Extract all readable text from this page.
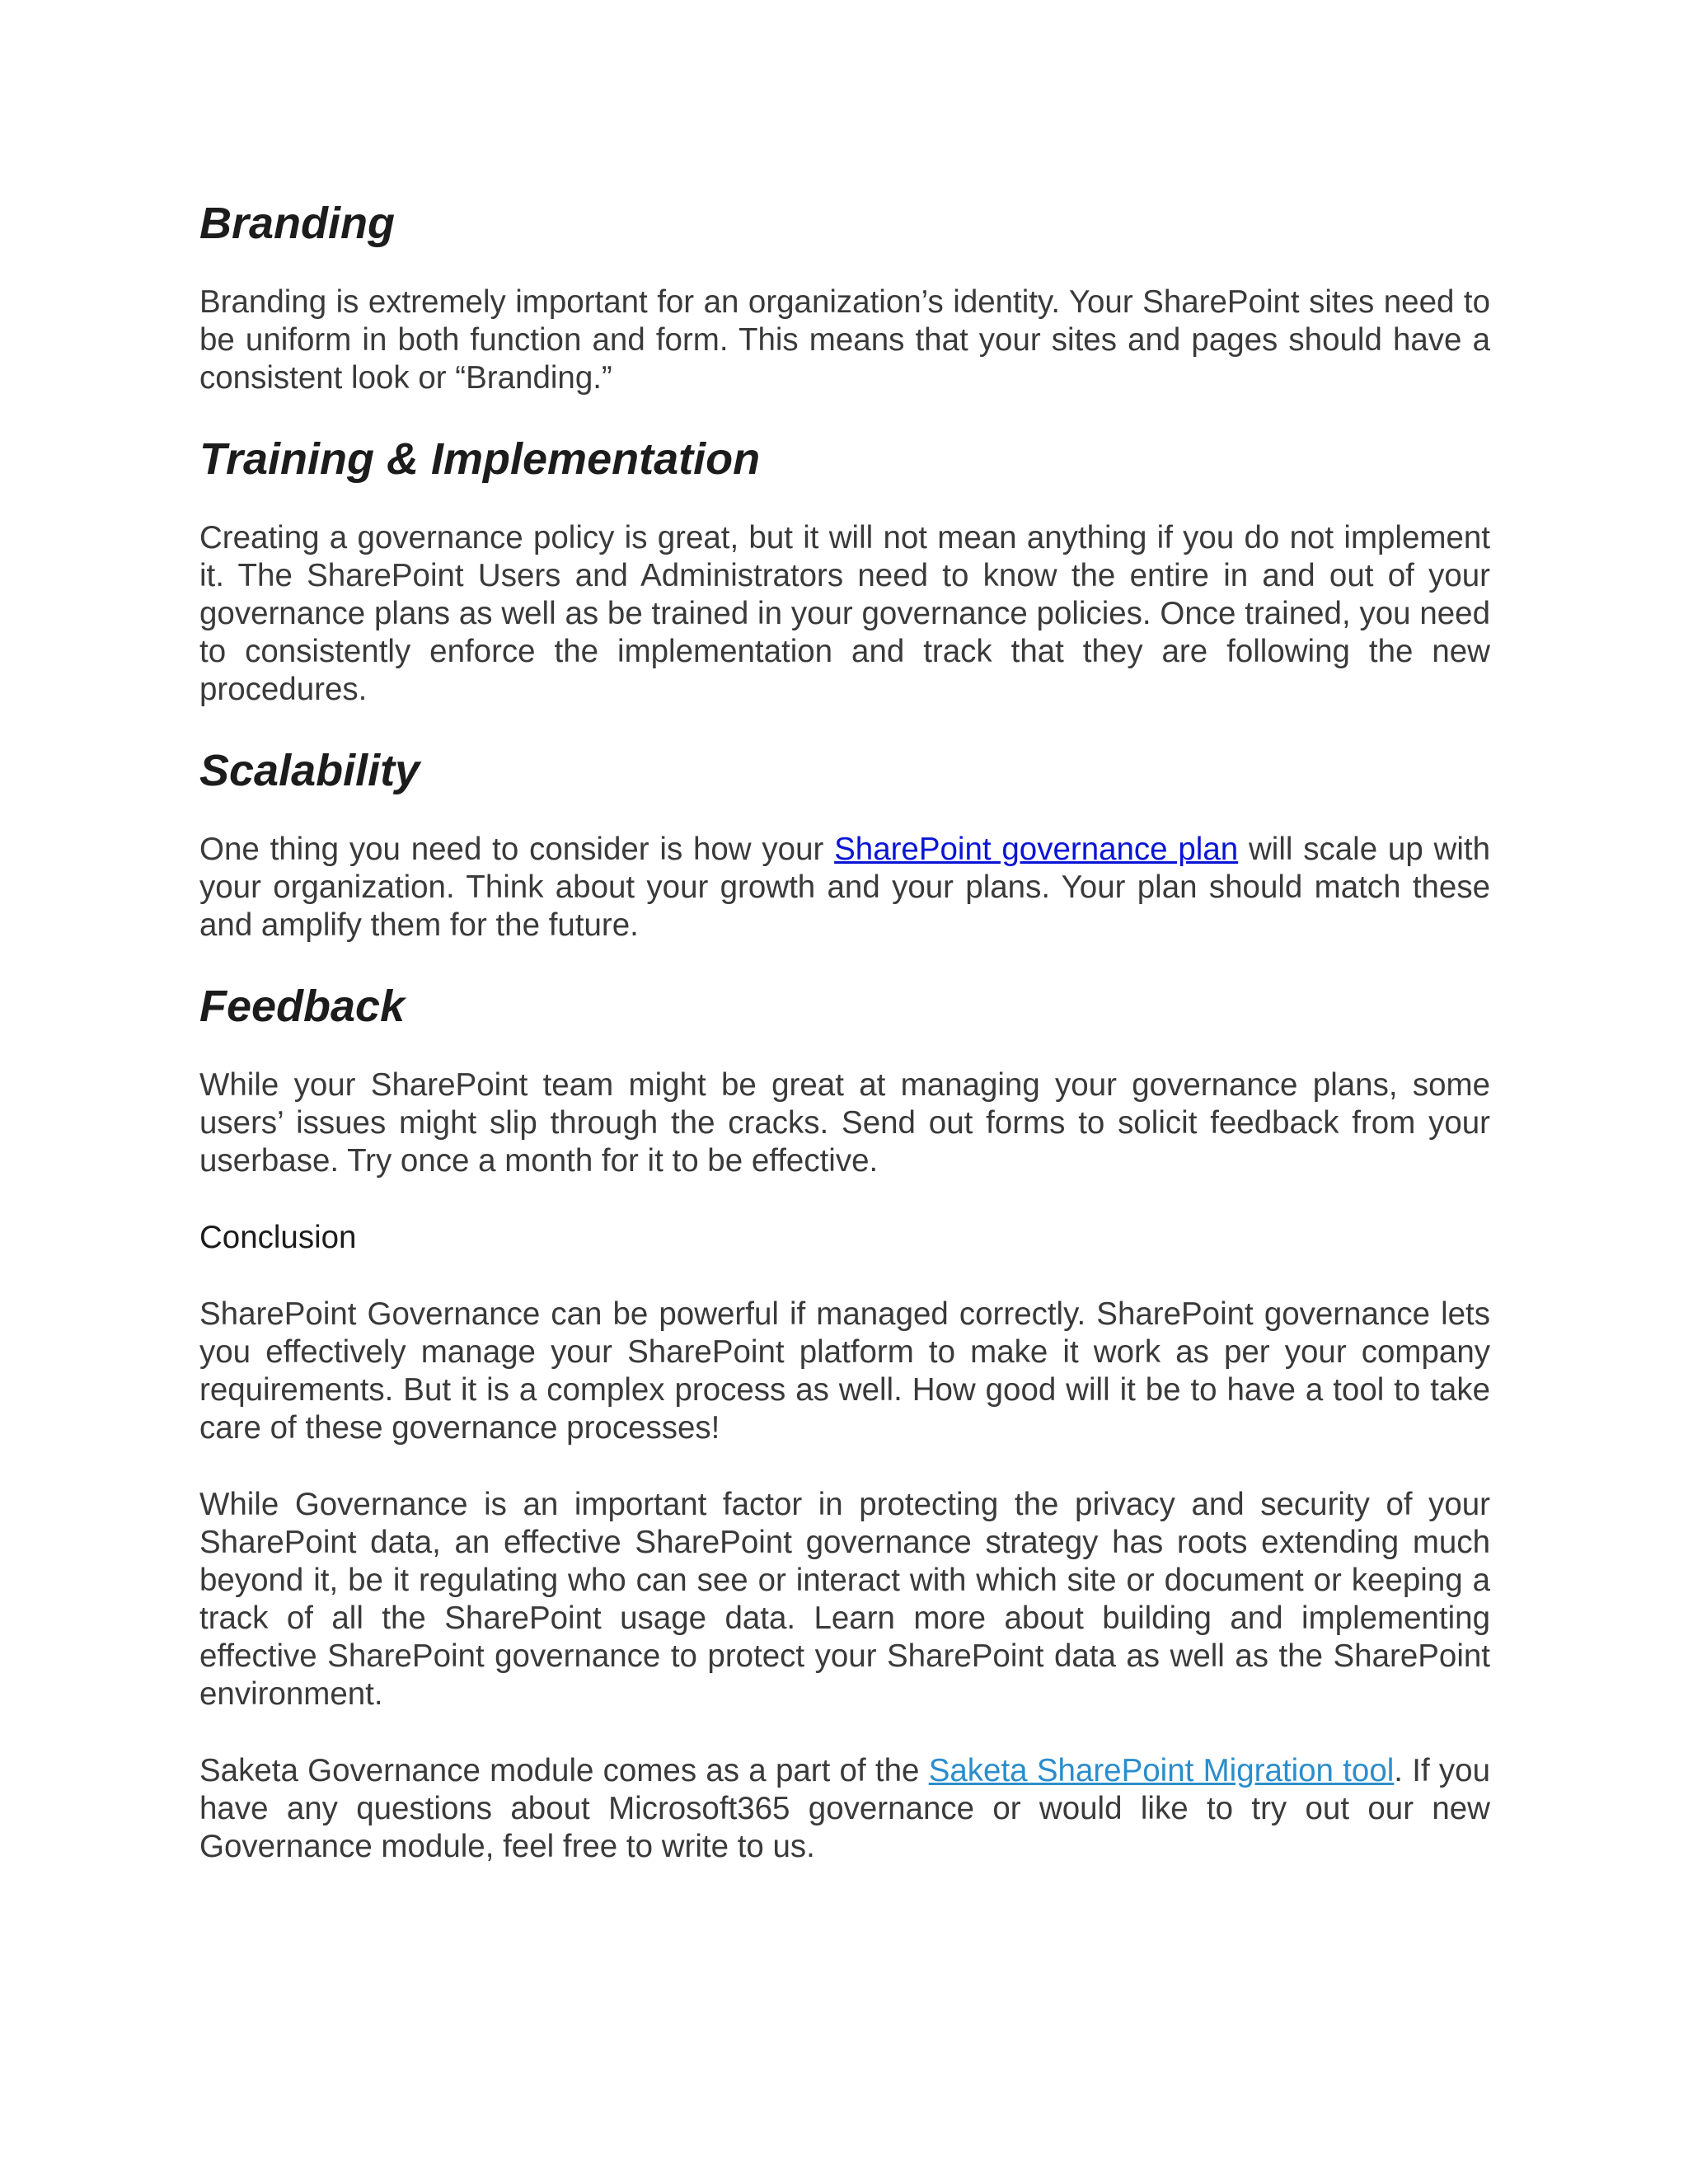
Branding

Branding is extremely important for an organization’s identity. Your SharePoint sites need to be uniform in both function and form. This means that your sites and pages should have a consistent look or “Branding.”

Training & Implementation

Creating a governance policy is great, but it will not mean anything if you do not implement it. The SharePoint Users and Administrators need to know the entire in and out of your governance plans as well as be trained in your governance policies. Once trained, you need to consistently enforce the implementation and track that they are following the new procedures.

Scalability

One thing you need to consider is how your SharePoint governance plan will scale up with your organization. Think about your growth and your plans. Your plan should match these and amplify them for the future.

Feedback

While your SharePoint team might be great at managing your governance plans, some users’ issues might slip through the cracks. Send out forms to solicit feedback from your userbase. Try once a month for it to be effective.

Conclusion

SharePoint Governance can be powerful if managed correctly. SharePoint governance lets you effectively manage your SharePoint platform to make it work as per your company requirements. But it is a complex process as well. How good will it be to have a tool to take care of these governance processes!

While Governance is an important factor in protecting the privacy and security of your SharePoint data, an effective SharePoint governance strategy has roots extending much beyond it, be it regulating who can see or interact with which site or document or keeping a track of all the SharePoint usage data. Learn more about building and implementing effective SharePoint governance to protect your SharePoint data as well as the SharePoint environment.

Saketa Governance module comes as a part of the Saketa SharePoint Migration tool. If you have any questions about Microsoft365 governance or would like to try out our new Governance module, feel free to write to us.
